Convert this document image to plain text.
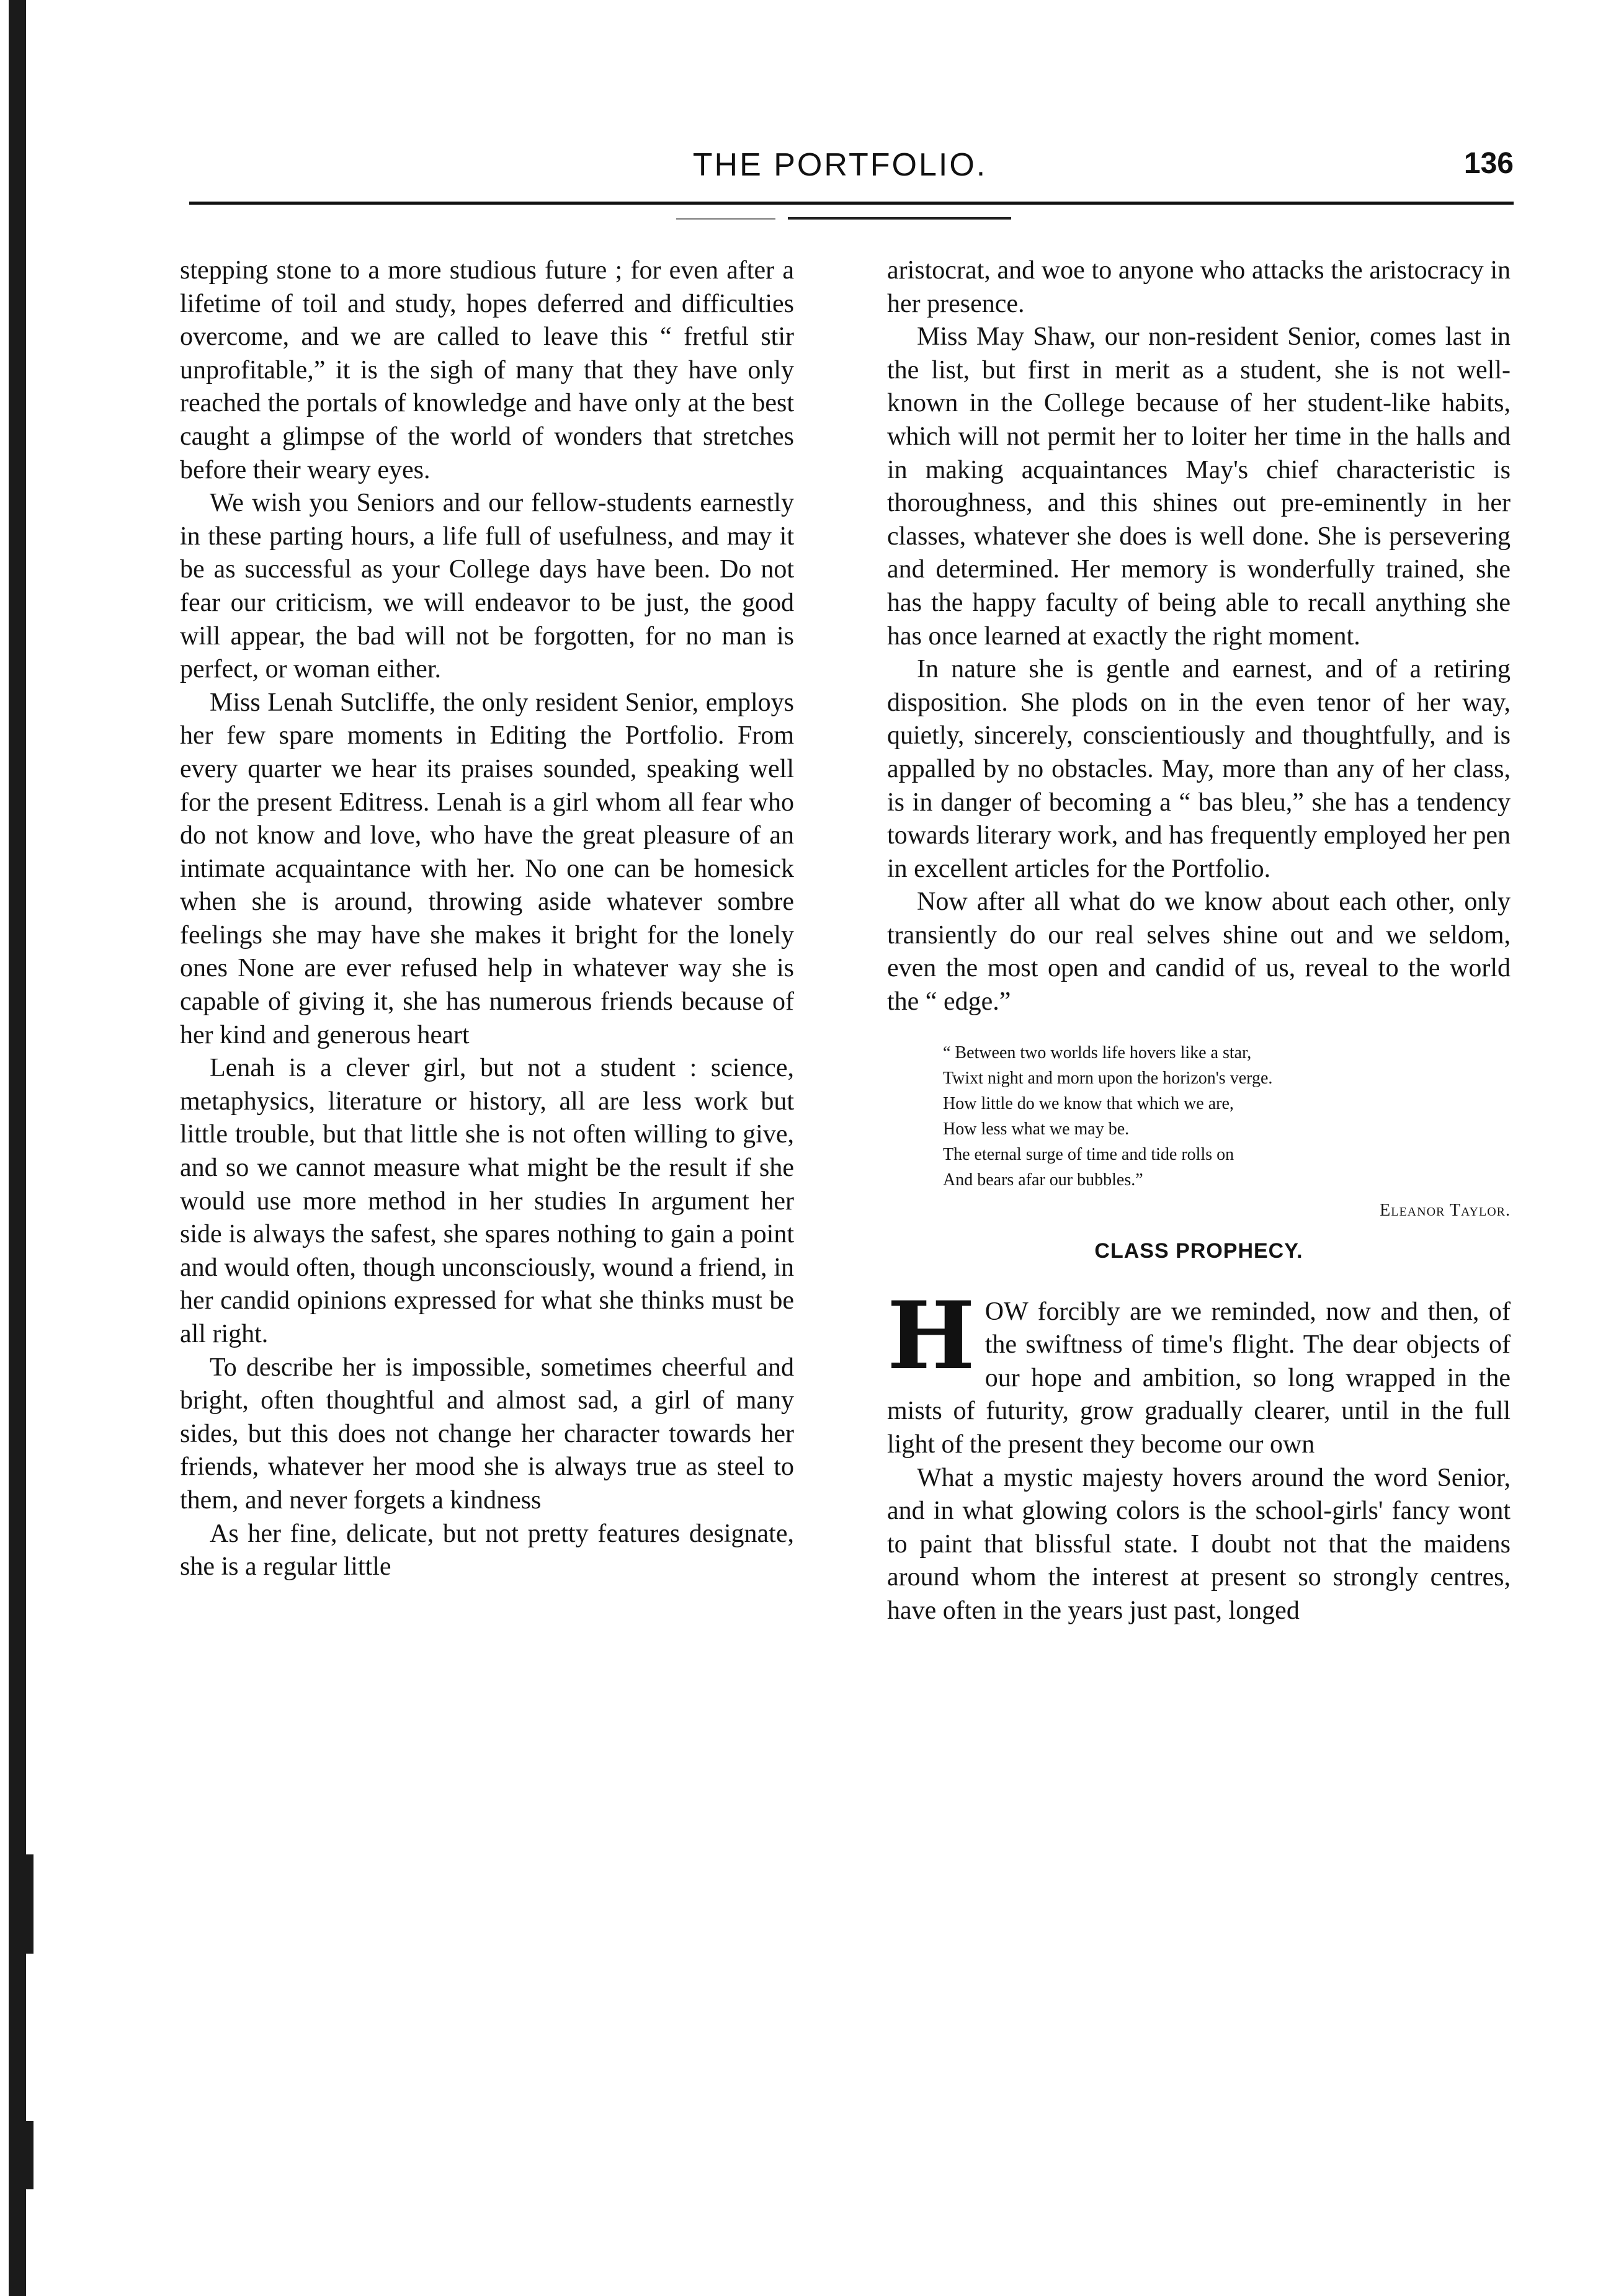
THE PORTFOLIO.	136

stepping stone to a more studious future ; for even after a lifetime of toil and study, hopes deferred and difficulties overcome, and we are called to leave this “ fretful stir unprofitable,” it is the sigh of many that they have only reached the portals of knowledge and have only at the best caught a glimpse of the world of wonders that stretches before their weary eyes.

We wish you Seniors and our fellow-students earnestly in these parting hours, a life full of usefulness, and may it be as successful as your College days have been. Do not fear our criticism, we will endeavor to be just, the good will appear, the bad will not be forgotten, for no man is perfect, or woman either.

Miss Lenah Sutcliffe, the only resident Senior, employs her few spare moments in Editing the Portfolio. From every quarter we hear its praises sounded, speaking well for the present Editress. Lenah is a girl whom all fear who do not know and love, who have the great pleasure of an intimate acquaintance with her. No one can be homesick when she is around, throwing aside whatever sombre feelings she may have she makes it bright for the lonely ones None are ever refused help in whatever way she is capable of giving it, she has numerous friends because of her kind and generous heart

Lenah is a clever girl, but not a student : science, metaphysics, literature or history, all are less work but little trouble, but that little she is not often willing to give, and so we cannot measure what might be the result if she would use more method in her studies In argument her side is always the safest, she spares nothing to gain a point and would often, though unconsciously, wound a friend, in her candid opinions expressed for what she thinks must be all right.

To describe her is impossible, sometimes cheerful and bright, often thoughtful and almost sad, a girl of many sides, but this does not change her character towards her friends, whatever her mood she is always true as steel to them, and never forgets a kindness

As her fine, delicate, but not pretty features designate, she is a regular little

aristocrat, and woe to anyone who attacks the aristocracy in her presence.

Miss May Shaw, our non-resident Senior, comes last in the list, but first in merit as a student, she is not well-known in the College because of her student-like habits, which will not permit her to loiter her time in the halls and in making acquaintances May's chief characteristic is thoroughness, and this shines out pre-eminently in her classes, whatever she does is well done. She is persevering and determined. Her memory is wonderfully trained, she has the happy faculty of being able to recall anything she has once learned at exactly the right moment.

In nature she is gentle and earnest, and of a retiring disposition. She plods on in the even tenor of her way, quietly, sincerely, conscientiously and thoughtfully, and is appalled by no obstacles. May, more than any of her class, is in danger of becoming a “ bas bleu,” she has a tendency towards literary work, and has frequently employed her pen in excellent articles for the Portfolio.

Now after all what do we know about each other, only transiently do our real selves shine out and we seldom, even the most open and candid of us, reveal to the world the “ edge.”

“ Between two worlds life hovers like a star,
Twixt night and morn upon the horizon's verge.
How little do we know that which we are,
How less what we may be.
The eternal surge of time and tide rolls on
And bears afar our bubbles.”
Eleanor Taylor.
CLASS PROPHECY.

HOW forcibly are we reminded, now and then, of the swiftness of time's flight. The dear objects of our hope and ambition, so long wrapped in the mists of futurity, grow gradually clearer, until in the full light of the present they become our own

What a mystic majesty hovers around the word Senior, and in what glowing colors is the school-girls' fancy wont to paint that blissful state. I doubt not that the maidens around whom the interest at present so strongly centres, have often in the years just past, longed
